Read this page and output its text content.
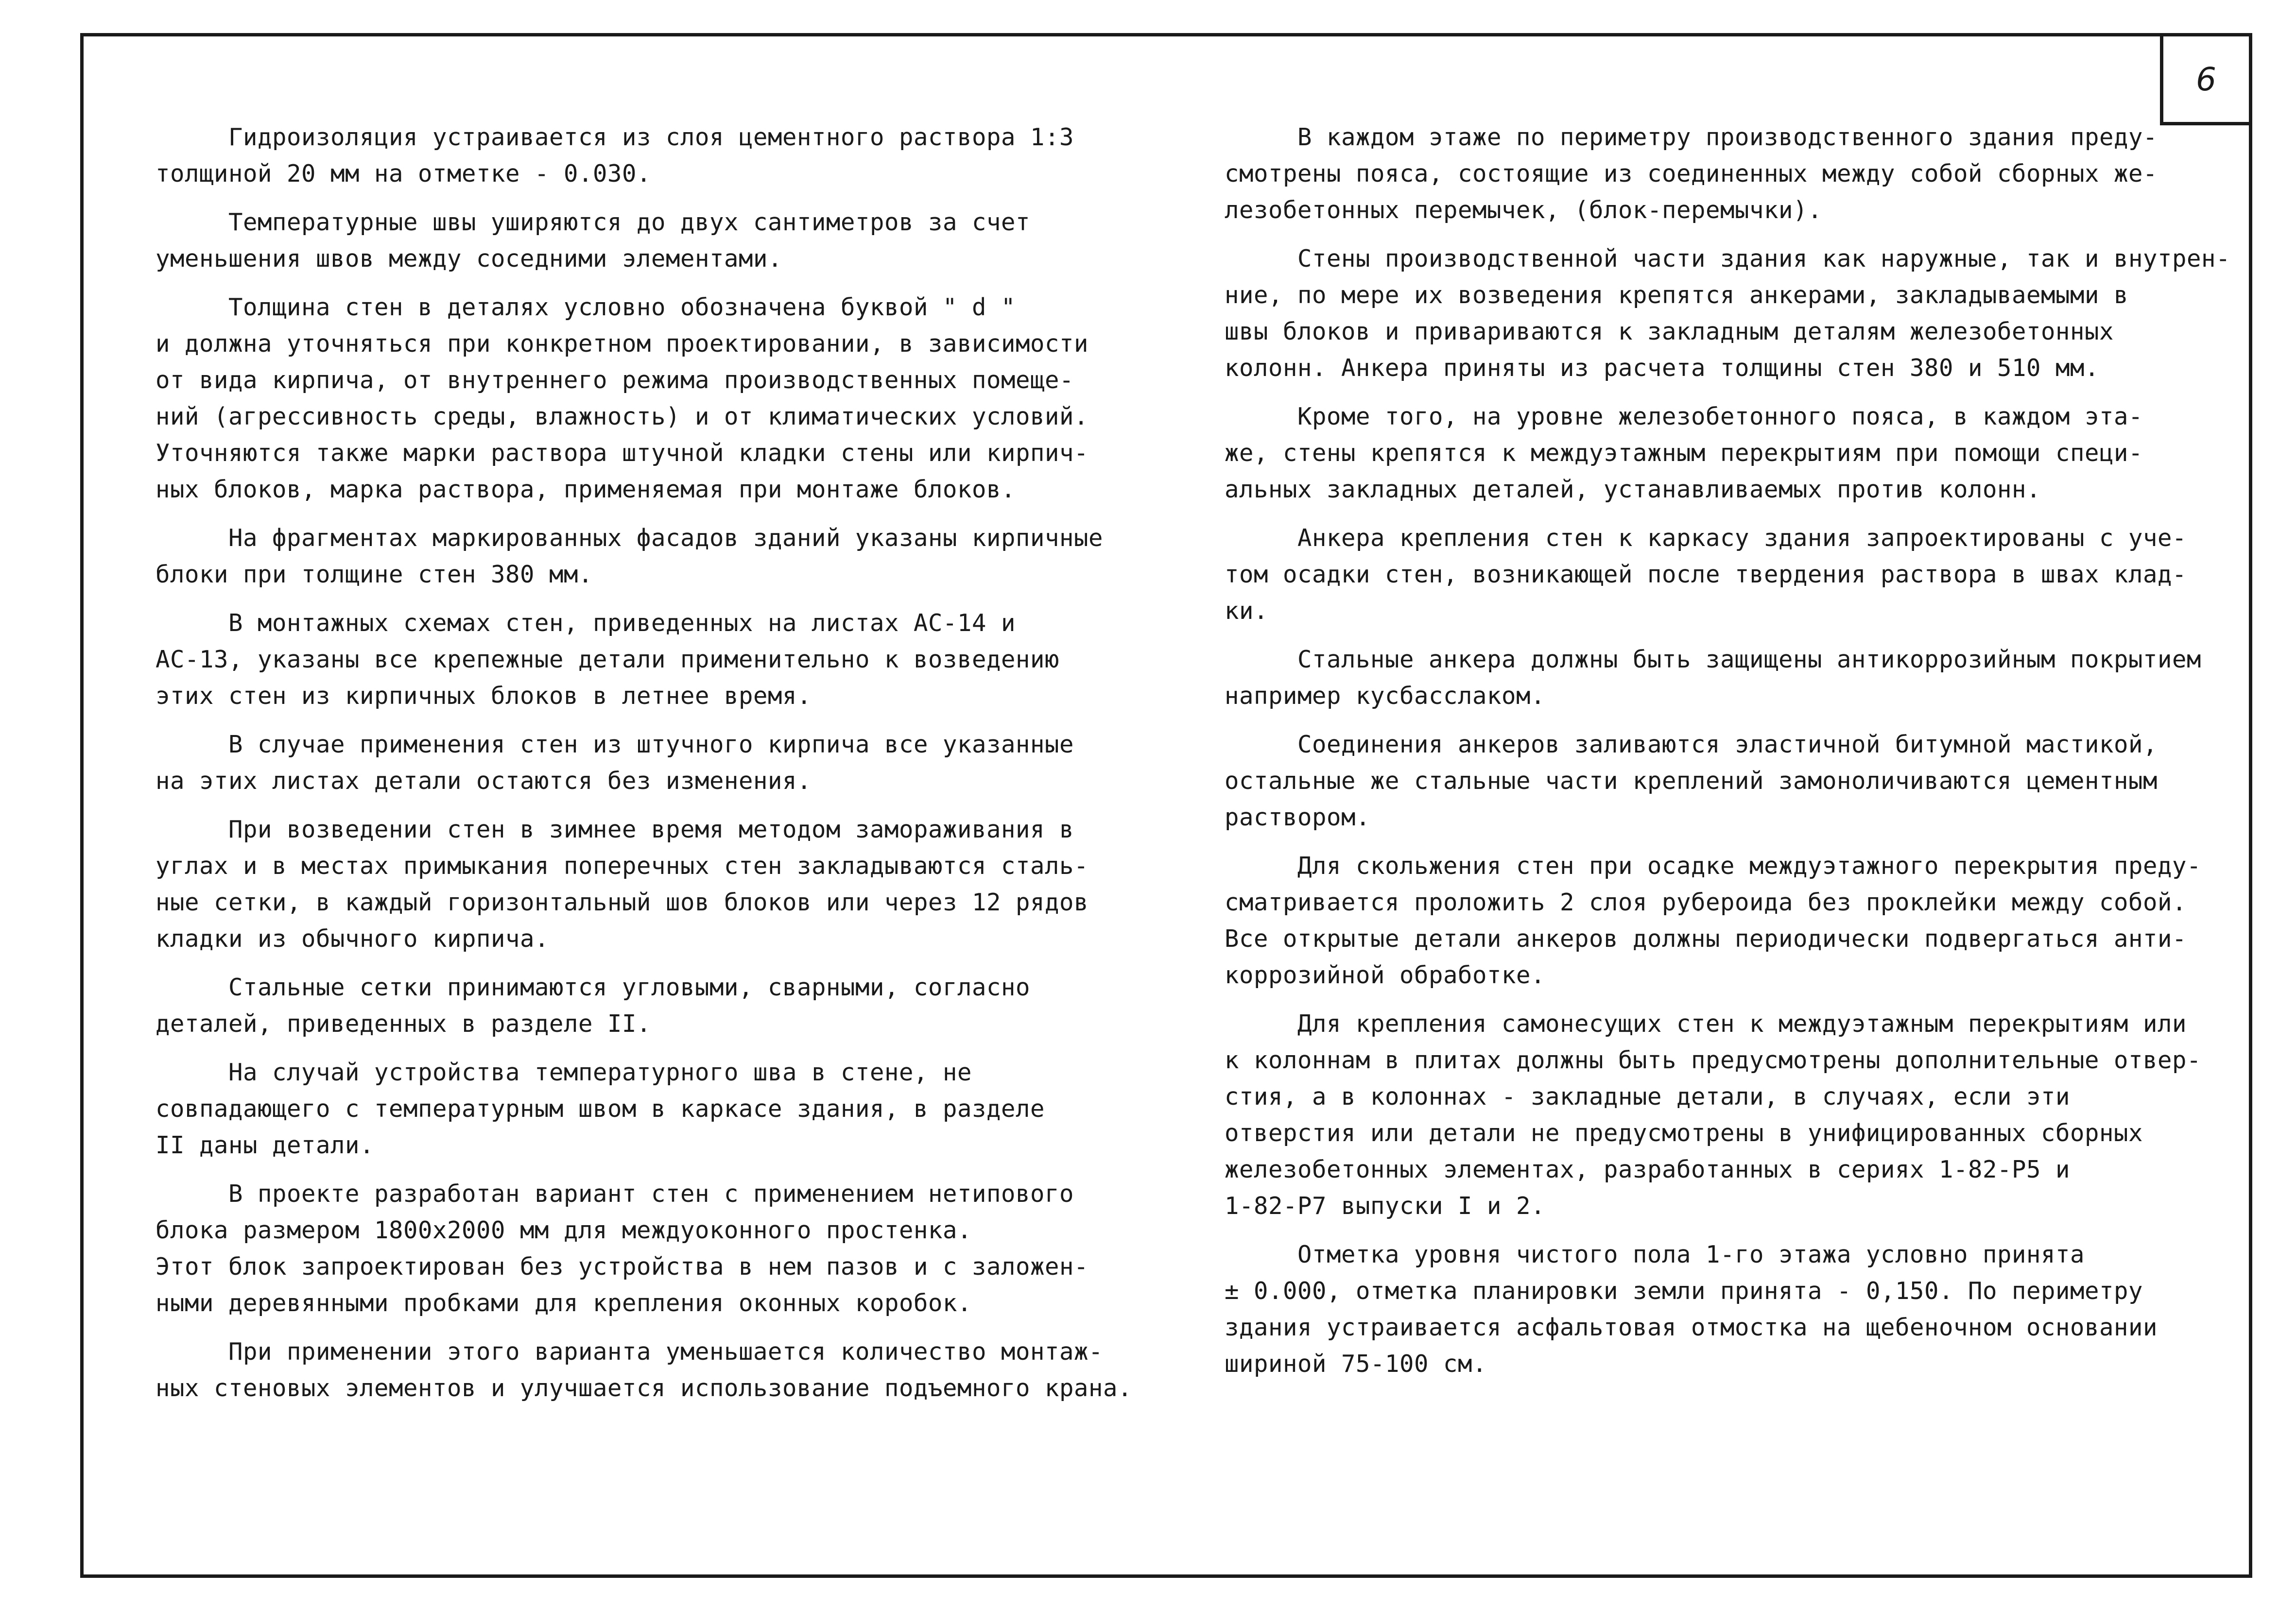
6
Гидроизоляция устраивается из слоя цементного раствора 1:3
толщиной 20 мм на отметке - 0.030.
Температурные швы уширяются до двух сантиметров за счет
уменьшения швов между соседними элементами.
Толщина стен в деталях условно обозначена буквой " d "
и должна уточняться при конкретном проектировании, в зависимости
от вида кирпича, от внутреннего режима производственных помеще-
ний (агрессивность среды, влажность) и от климатических условий.
Уточняются также марки раствора штучной кладки стены или кирпич-
ных блоков, марка раствора, применяемая при монтаже блоков.
На фрагментах маркированных фасадов зданий указаны кирпичные
блоки при толщине стен 380 мм.
В монтажных схемах стен, приведенных на листах АС-14 и
АС-13, указаны все крепежные детали применительно к возведению
этих стен из кирпичных блоков в летнее время.
В случае применения стен из штучного кирпича все указанные
на этих листах детали остаются без изменения.
При возведении стен в зимнее время методом замораживания в
углах и в местах примыкания поперечных стен закладываются сталь-
ные сетки, в каждый горизонтальный шов блоков или через 12 рядов
кладки из обычного кирпича.
Стальные сетки принимаются угловыми, сварными, согласно
деталей, приведенных в разделе II.
На случай устройства температурного шва в стене, не
совпадающего с температурным швом в каркасе здания, в разделе
II даны детали.
В проекте разработан вариант стен с применением нетипового
блока размером 1800х2000 мм для междуоконного простенка.
Этот блок запроектирован без устройства в нем пазов и с заложен-
ными деревянными пробками для крепления оконных коробок.
При применении этого варианта уменьшается количество монтаж-
ных стеновых элементов и улучшается использование подъемного крана.
В каждом этаже по периметру производственного здания преду-
смотрены пояса, состоящие из соединенных между собой сборных же-
лезобетонных перемычек, (блок-перемычки).
Стены производственной части здания как наружные, так и внутрен-
ние, по мере их возведения крепятся анкерами, закладываемыми в
швы блоков и привариваются к закладным деталям железобетонных
колонн. Анкера приняты из расчета толщины стен 380 и 510 мм.
Кроме того, на уровне железобетонного пояса, в каждом эта-
же, стены крепятся к междуэтажным перекрытиям при помощи специ-
альных закладных деталей, устанавливаемых против колонн.
Анкера крепления стен к каркасу здания запроектированы с уче-
том осадки стен, возникающей после твердения раствора в швах клад-
ки.
Стальные анкера должны быть защищены антикоррозийным покрытием
например кусбасслаком.
Соединения анкеров заливаются эластичной битумной мастикой,
остальные же стальные части креплений замоноличиваются цементным
раствором.
Для скольжения стен при осадке междуэтажного перекрытия преду-
сматривается проложить 2 слоя рубероида без проклейки между собой.
Все открытые детали анкеров должны периодически подвергаться анти-
коррозийной обработке.
Для крепления самонесущих стен к междуэтажным перекрытиям или
к колоннам в плитах должны быть предусмотрены дополнительные отвер-
стия, а в колоннах - закладные детали, в случаях, если эти
отверстия или детали не предусмотрены в унифицированных сборных
железобетонных элементах, разработанных в сериях 1-82-Р5 и
1-82-Р7 выпуски I и 2.
Отметка уровня чистого пола 1-го этажа условно принята
± 0.000, отметка планировки земли принята - 0,150. По периметру
здания устраивается асфальтовая отмостка на щебеночном основании
шириной 75-100 см.
